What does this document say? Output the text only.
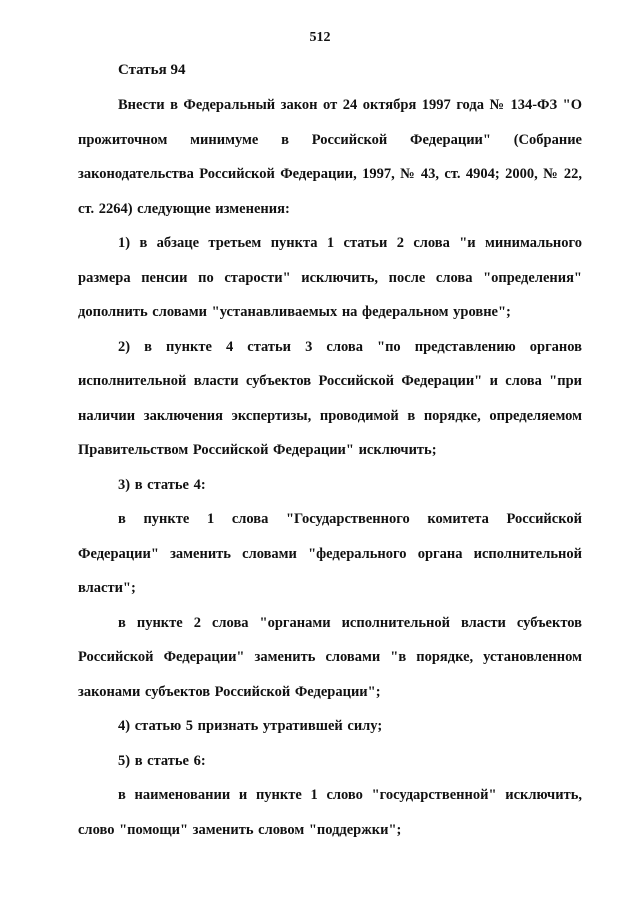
512
Статья 94

Внести в Федеральный закон от 24 октября 1997 года № 134-ФЗ "О прожиточном минимуме в Российской Федерации" (Собрание законодательства Российской Федерации, 1997, № 43, ст. 4904; 2000, № 22, ст. 2264) следующие изменения:

1) в абзаце третьем пункта 1 статьи 2 слова "и минимального размера пенсии по старости" исключить, после слова "определения" дополнить словами "устанавливаемых на федеральном уровне";

2) в пункте 4 статьи 3 слова "по представлению органов исполнительной власти субъектов Российской Федерации" и слова "при наличии заключения экспертизы, проводимой в порядке, определяемом Правительством Российской Федерации" исключить;

3) в статье 4:

в пункте 1 слова "Государственного комитета Российской Федерации" заменить словами "федерального органа исполнительной власти";

в пункте 2 слова "органами исполнительной власти субъектов Российской Федерации" заменить словами "в порядке, установленном законами субъектов Российской Федерации";

4) статью 5 признать утратившей силу;

5) в статье 6:

в наименовании и пункте 1 слово "государственной" исключить, слово "помощи" заменить словом "поддержки";
